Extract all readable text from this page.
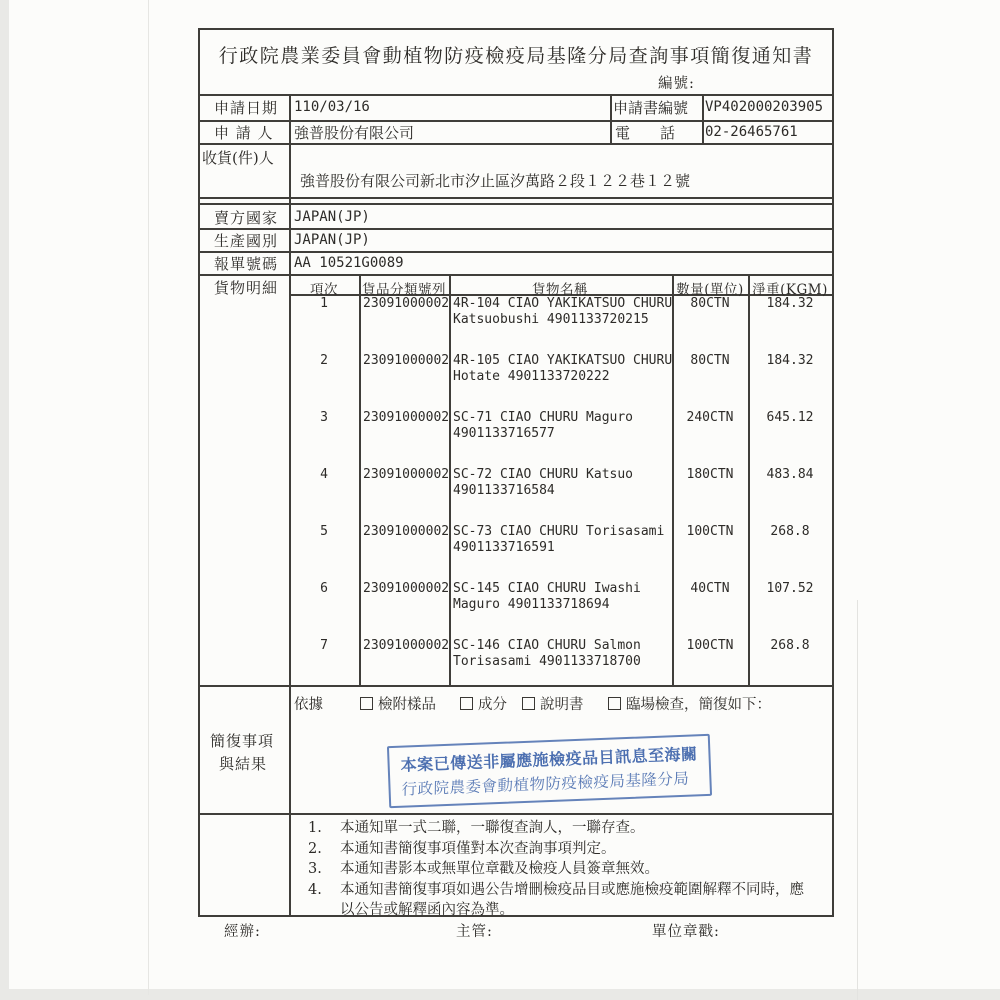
行政院農業委員會動植物防疫檢疫局基隆分局查詢事項簡復通知書
編號:
申請日期 110/03/16	申請書編號 VP402000203905
申 請 人 強普股份有限公司	電　　話 02-26465761
收貨(件)人
強普股份有限公司新北市汐止區汐萬路２段１２２巷１２號
賣方國家 JAPAN(JP)
生產國別 JAPAN(JP)
報單號碼 AA 10521G0089
貨物明細 項次 貨品分類號列	貨物名稱	數量(單位) 淨重(KGM)
1	23091000002 4R-104 CIAO YAKIKATSUO CHURU
Katsuobushi 4901133720215
80CTN	184.32
2	23091000002 4R-105 CIAO YAKIKATSUO CHURU
Hotate 4901133720222
80CTN	184.32
3	23091000002 SC-71 CIAO CHURU Maguro
4901133716577
240CTN	645.12
4	23091000002 SC-72 CIAO CHURU Katsuo
4901133716584
180CTN	483.84
5	23091000002 SC-73 CIAO CHURU Torisasami
4901133716591
100CTN	268.8
6	23091000002 SC-145 CIAO CHURU Iwashi
Maguro 4901133718694
40CTN	107.52
7	23091000002 SC-146 CIAO CHURU Salmon
Torisasami 4901133718700
100CTN	268.8
簡復事項
與結果
依據	檢附樣品	成分	說明書	臨場檢查，簡復如下：
本案已傳送非屬應施檢疫品目訊息至海關
行政院農委會動植物防疫檢疫局基隆分局
1.	本通知單一式二聯，一聯復查詢人，一聯存查。
2.	本通知書簡復事項僅對本次查詢事項判定。
3.	本通知書影本或無單位章戳及檢疫人員簽章無效。
4.	本通知書簡復事項如遇公告增刪檢疫品目或應施檢疫範圍解釋不同時，應以公告或解釋函內容為準。
經辦:	主管:	單位章戳:
